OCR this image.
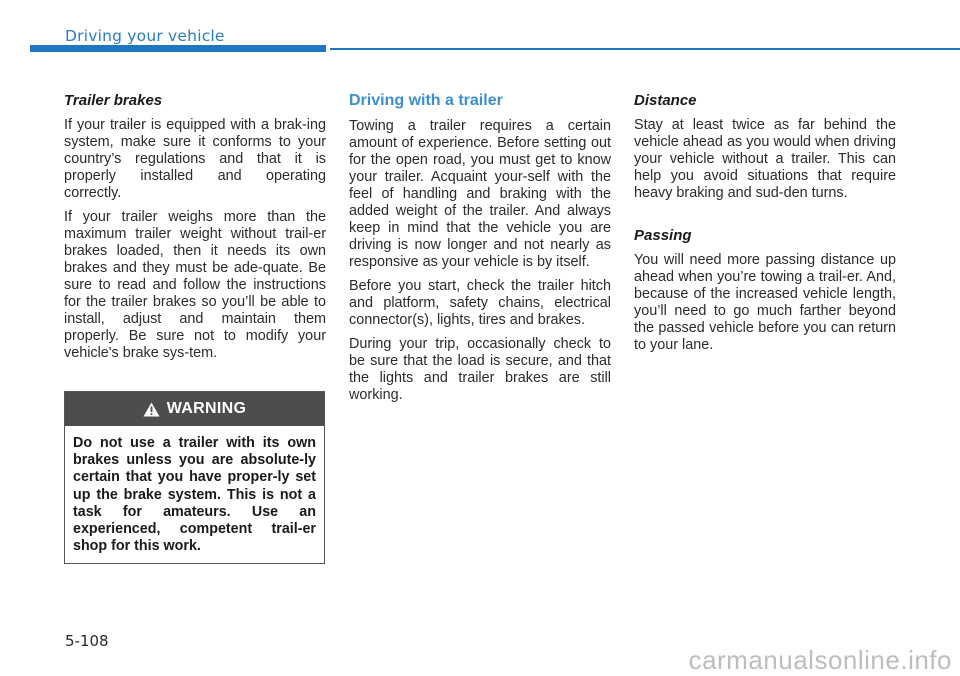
Driving your vehicle
Trailer brakes

If your trailer is equipped with a brak-ing system, make sure it conforms to your country’s regulations and that it is properly installed and operating correctly.

If your trailer weighs more than the maximum trailer weight without trail-er brakes loaded, then it needs its own brakes and they must be ade-quate. Be sure to read and follow the instructions for the trailer brakes so you’ll be able to install, adjust and maintain them properly. Be sure not to modify your vehicle's brake sys-tem.

WARNING
Do not use a trailer with its own brakes unless you are absolute-ly certain that you have proper-ly set up the brake system. This is not a task for amateurs. Use an experienced, competent trail-er shop for this work.
Driving with a trailer

Towing a trailer requires a certain amount of experience. Before setting out for the open road, you must get to know your trailer. Acquaint your-self with the feel of handling and braking with the added weight of the trailer. And always keep in mind that the vehicle you are driving is now longer and not nearly as responsive as your vehicle is by itself.

Before you start, check the trailer hitch and platform, safety chains, electrical connector(s), lights, tires and brakes.

During your trip, occasionally check to be sure that the load is secure, and that the lights and trailer brakes are still working.

Distance

Stay at least twice as far behind the vehicle ahead as you would when driving your vehicle without a trailer. This can help you avoid situations that require heavy braking and sud-den turns.

Passing

You will need more passing distance up ahead when you’re towing a trail-er. And, because of the increased vehicle length, you’ll need to go much farther beyond the passed vehicle before you can return to your lane.

5-108
carmanualsonline.info
